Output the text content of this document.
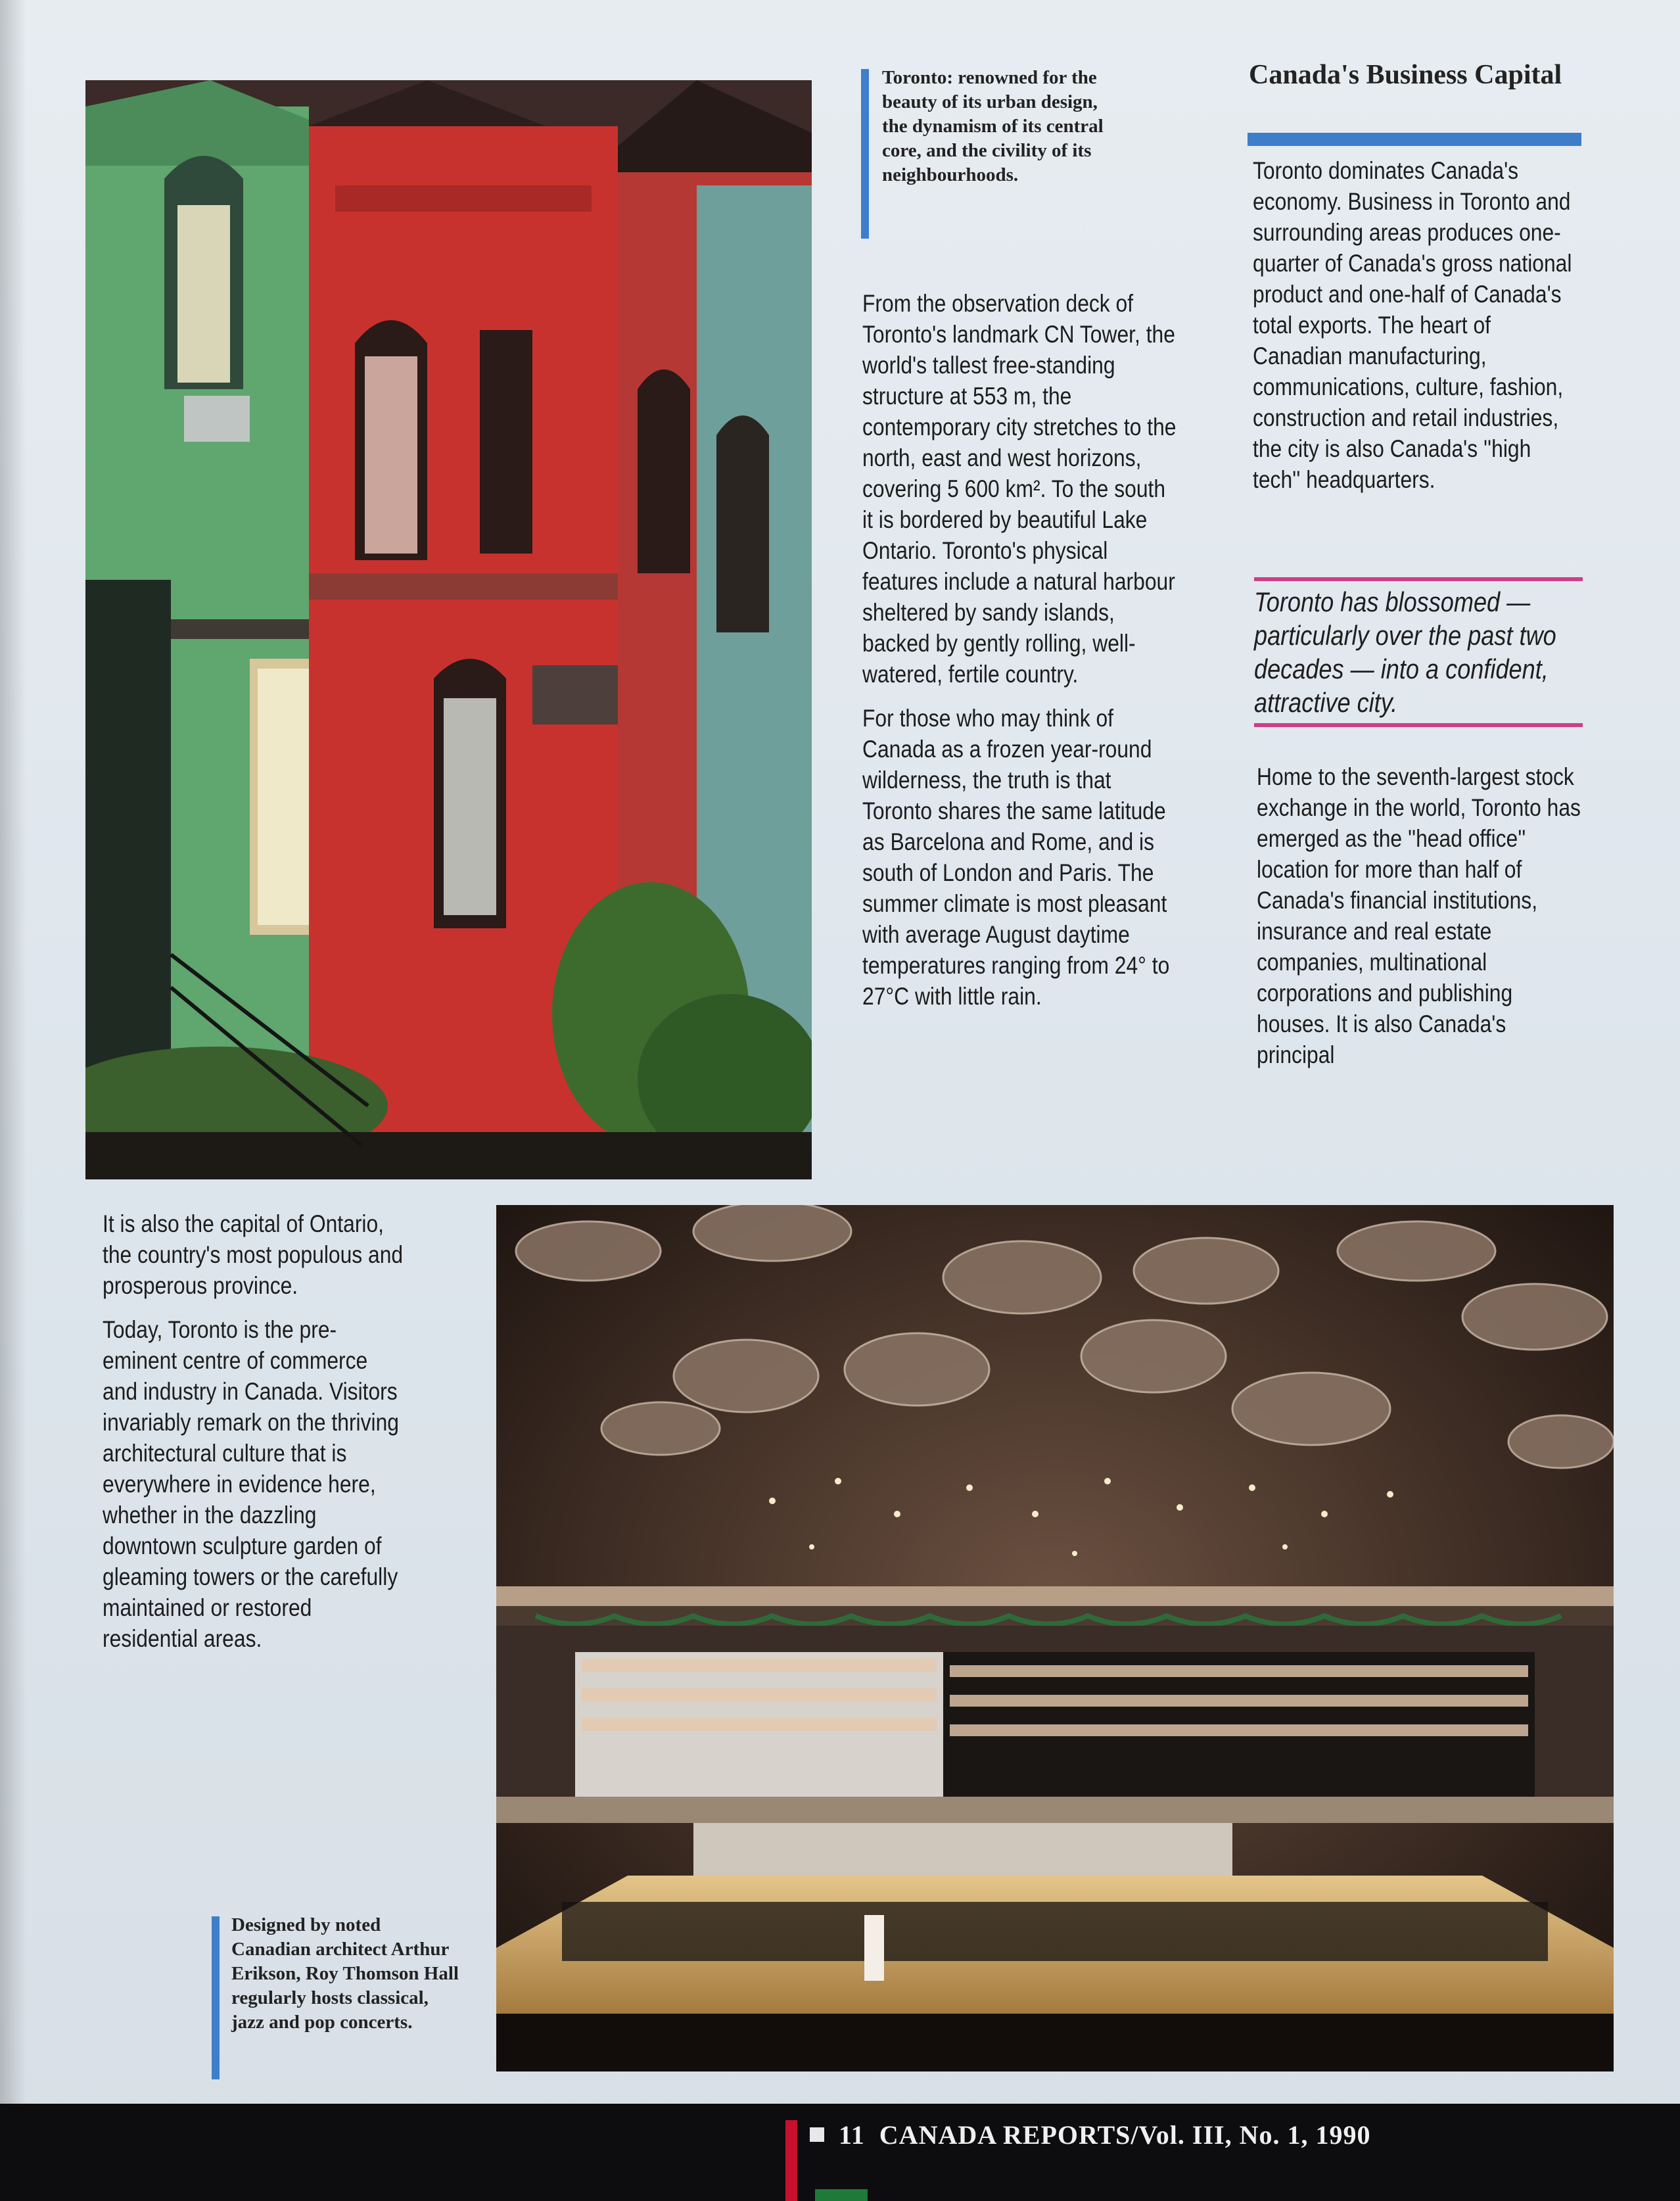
Toronto: renowned for the beauty of its urban design, the dynamism of its central core, and the civility of its neighbourhoods.

From the observation deck of Toronto's landmark CN Tower, the world's tallest free-standing structure at 553 m, the contemporary city stretches to the north, east and west horizons, covering 5 600 km². To the south it is bordered by beautiful Lake Ontario. Toronto's physical features include a natural harbour sheltered by sandy islands, backed by gently rolling, well-watered, fertile country.

For those who may think of Canada as a frozen year-round wilderness, the truth is that Toronto shares the same latitude as Barcelona and Rome, and is south of London and Paris. The summer climate is most pleasant with average August daytime temperatures ranging from 24° to 27°C with little rain.

Canada's Business Capital

Toronto dominates Canada's economy. Business in Toronto and surrounding areas produces one-quarter of Canada's gross national product and one-half of Canada's total exports. The heart of Canadian manufacturing, communications, culture, fashion, construction and retail industries, the city is also Canada's ''high tech'' headquarters.

Toronto has blossomed — particularly over the past two decades — into a confident, attractive city.

Home to the seventh-largest stock exchange in the world, Toronto has emerged as the ''head office'' location for more than half of Canada's financial institutions, insurance and real estate companies, multinational corporations and publishing houses. It is also Canada's principal

It is also the capital of Ontario, the country's most populous and prosperous province.

Today, Toronto is the pre-eminent centre of commerce and industry in Canada. Visitors invariably remark on the thriving architectural culture that is everywhere in evidence here, whether in the dazzling downtown sculpture garden of gleaming towers or the carefully maintained or restored residential areas.

Designed by noted Canadian architect Arthur Erikson, Roy Thomson Hall regularly hosts classical, jazz and pop concerts.
11 CANADA REPORTS/Vol. III, No. 1, 1990
